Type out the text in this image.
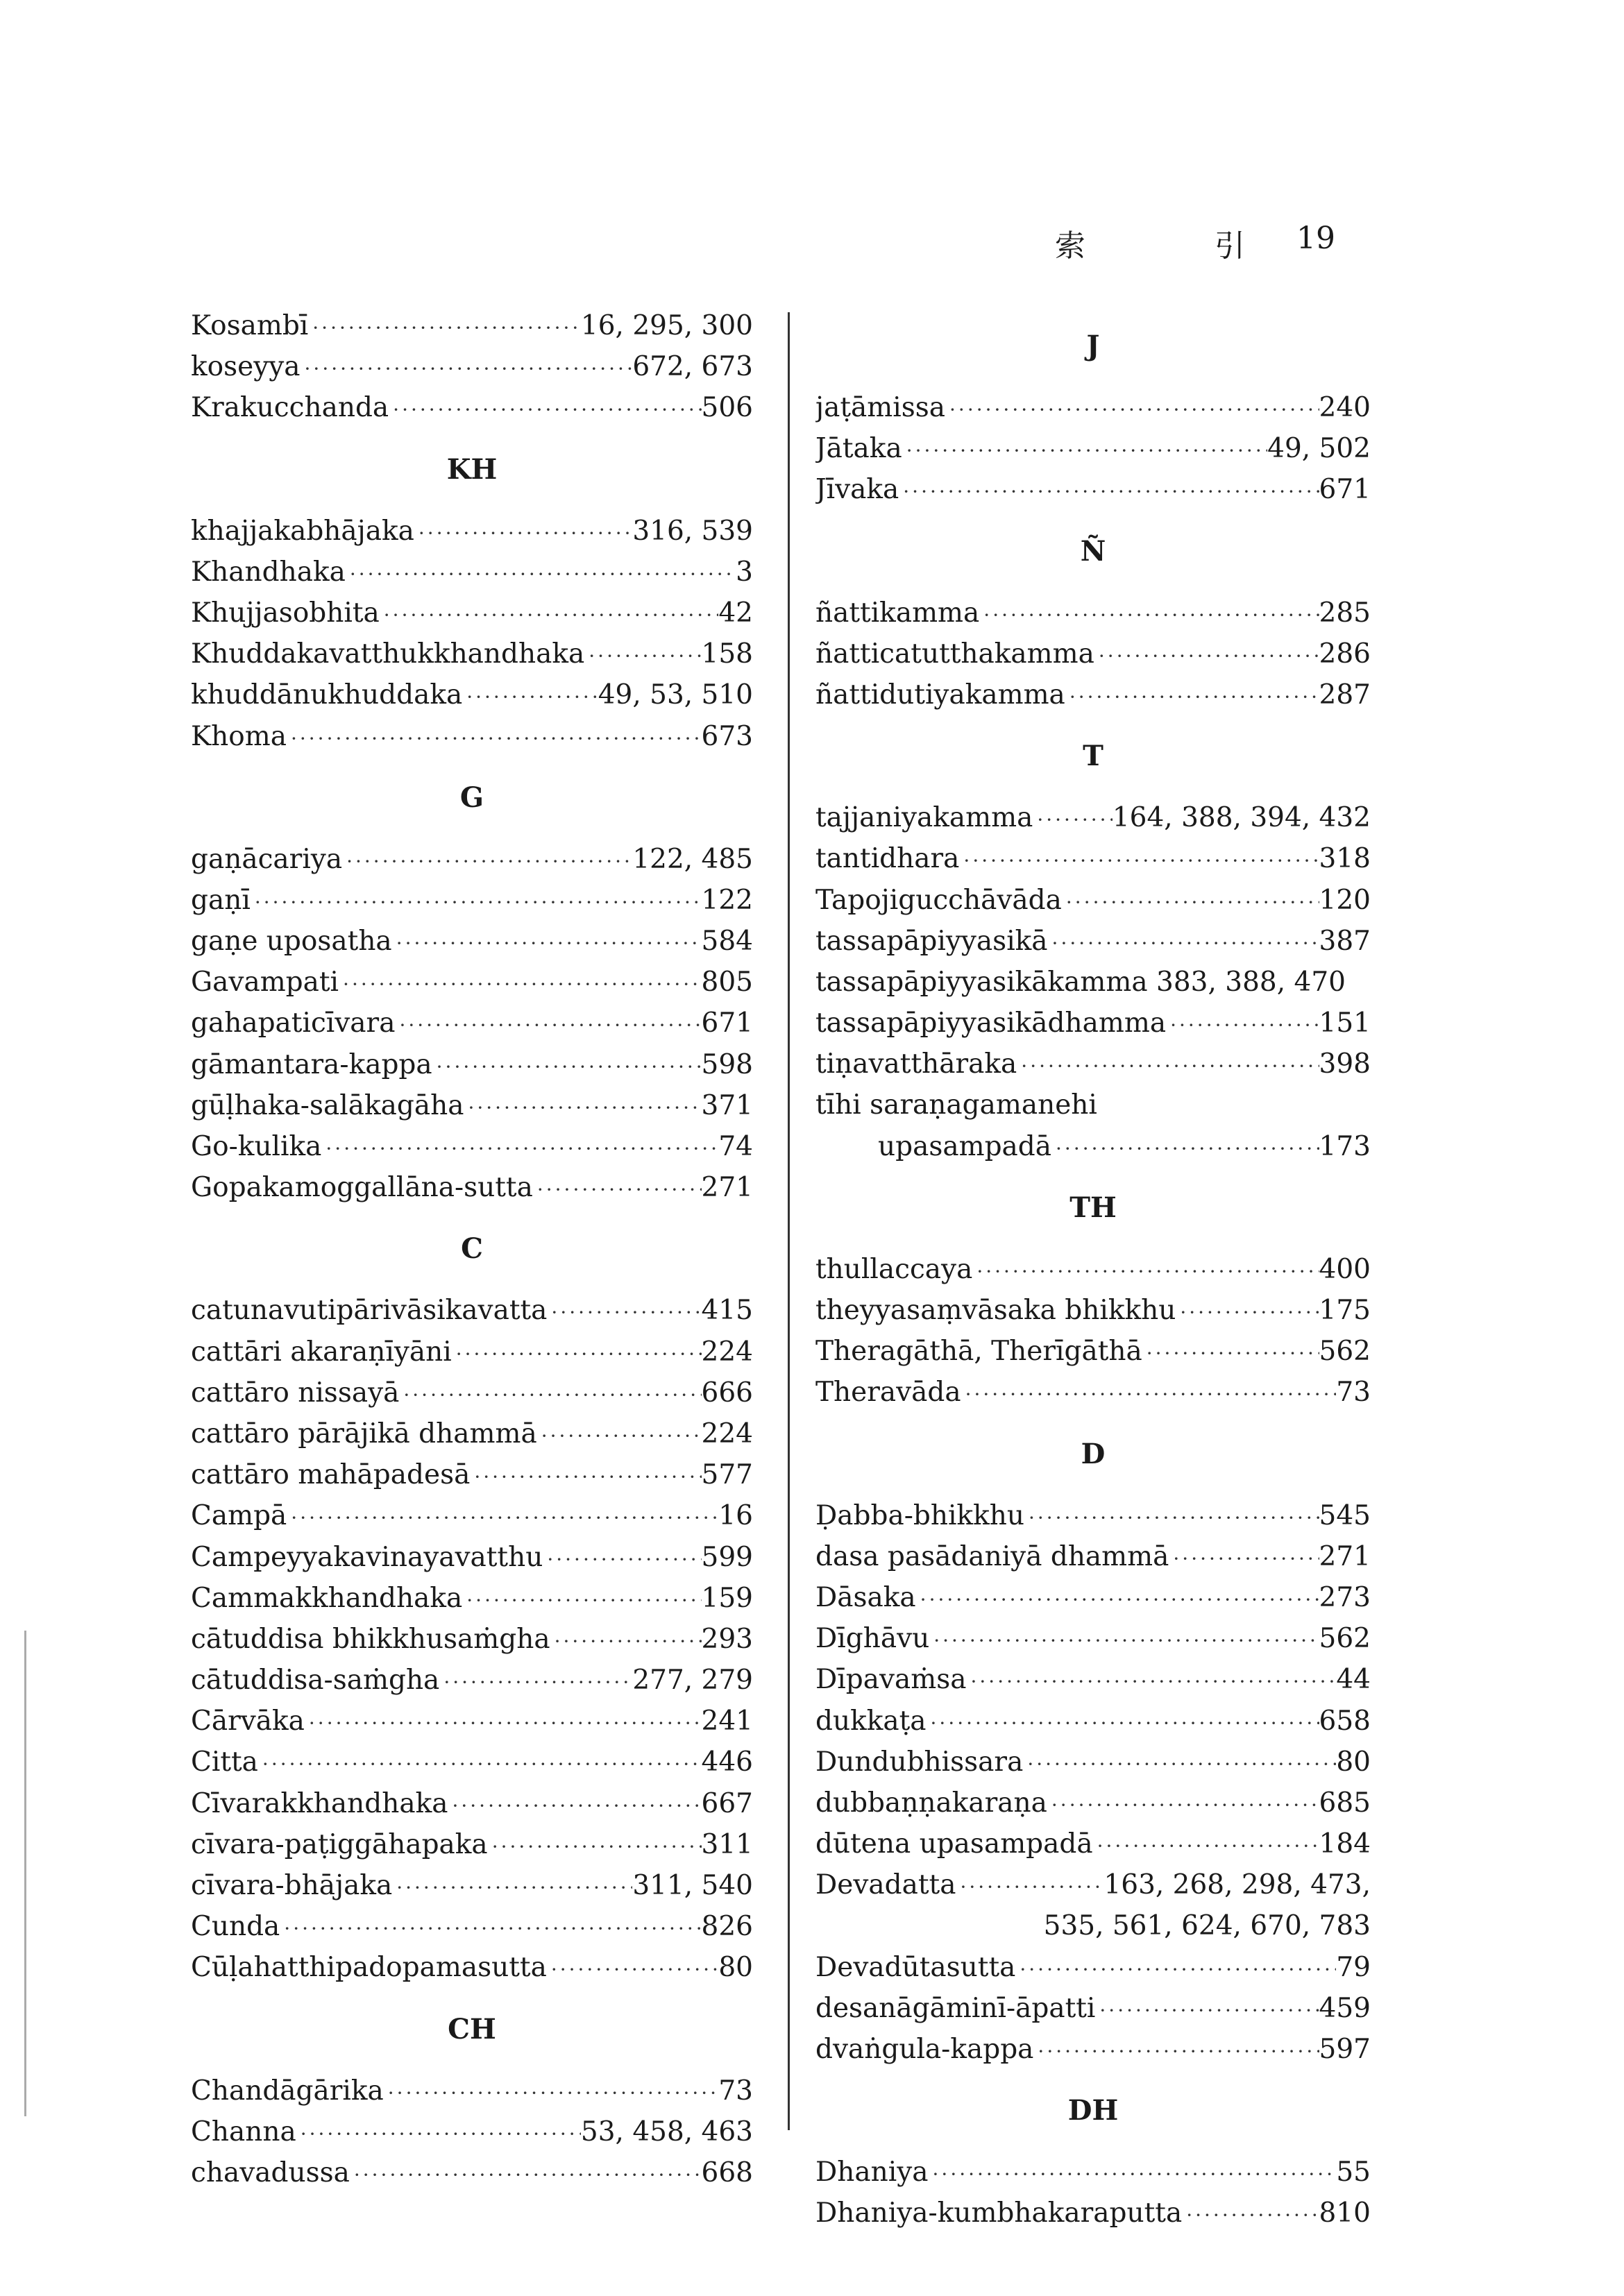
索	引 19
Kosambī ·····	16, 295, 300
koseyya ·····	672, 673
Krakucchanda ·····	506
KH
khajjakabhājaka ·····	316, 539
Khandhaka ·····	3
Khujjasobhita ·····	42
Khuddakavatthukkhandhaka ·····	158
khuddānukhuddaka ·····	49, 53, 510
Khoma ·····	673
G
gaṇācariya ·····	122, 485
gaṇī ·····	122
gaṇe uposatha ·····	584
Gavampati ·····	805
gahapaticīvara ·····	671
gāmantara-kappa ·····	598
gūḷhaka-salākagāha ·····	371
Go-kulika ·····	74
Gopakamoggallāna-sutta ·····	271
C
catunavutipārivāsikavatta ·····	415
cattāri akaraṇīyāni ·····	224
cattāro nissayā ·····	666
cattāro pārājikā dhammā ·····	224
cattāro mahāpadesā ·····	577
Campā ·····	16
Campeyyakavinayavatthu ·····	599
Cammakkhandhaka ·····	159
cātuddisa bhikkhusaṁgha ·····	293
cātuddisa-saṁgha ·····	277, 279
Cārvāka ·····	241
Citta ·····	446
Cīvarakkhandhaka ·····	667
cīvara-paṭiggāhapaka ·····	311
cīvara-bhājaka ·····	311, 540
Cunda ·····	826
Cūḷahatthipadopamasutta ·····	80
CH
Chandāgārika ·····	73
Channa ·····	53, 458, 463
chavadussa ·····	668
J
jaṭāmissa ·····	240
Jātaka ·····	49, 502
Jīvaka ·····	671
Ñ
ñattikamma ·····	285
ñatticatutthakamma ·····	286
ñattidutiyakamma ·····	287
T
tajjaniyakamma ·····	164, 388, 394, 432
tantidhara ·····	318
Tapojigucchāvāda ·····	120
tassapāpiyyasikā ·····	387
tassapāpiyyasikākamma 383, 388, 470
tassapāpiyyasikādhamma ·····	151
tiṇavatthāraka ·····	398
tīhi saraṇagamanehi
upasampadā ·····	173
TH
thullaccaya ·····	400
theyyasaṃvāsaka bhikkhu ·····	175
Theragāthā, Therīgāthā ·····	562
Theravāda ·····	73
D
Ḍabba-bhikkhu ·····	545
dasa pasādaniyā dhammā ·····	271
Dāsaka ·····	273
Dīghāvu ·····	562
Dīpavaṁsa ·····	44
dukkaṭa ·····	658
Dundubhissara ·····	80
dubbaṇṇakaraṇa ·····	685
dūtena upasampadā ·····	184
Devadatta ·····	163, 268, 298, 473,
535, 561, 624, 670, 783
Devadūtasutta ·····	79
desanāgāminī-āpatti ·····	459
dvaṅgula-kappa ·····	597
DH
Dhaniya ·····	55
Dhaniya-kumbhakaraputta ·····	810
